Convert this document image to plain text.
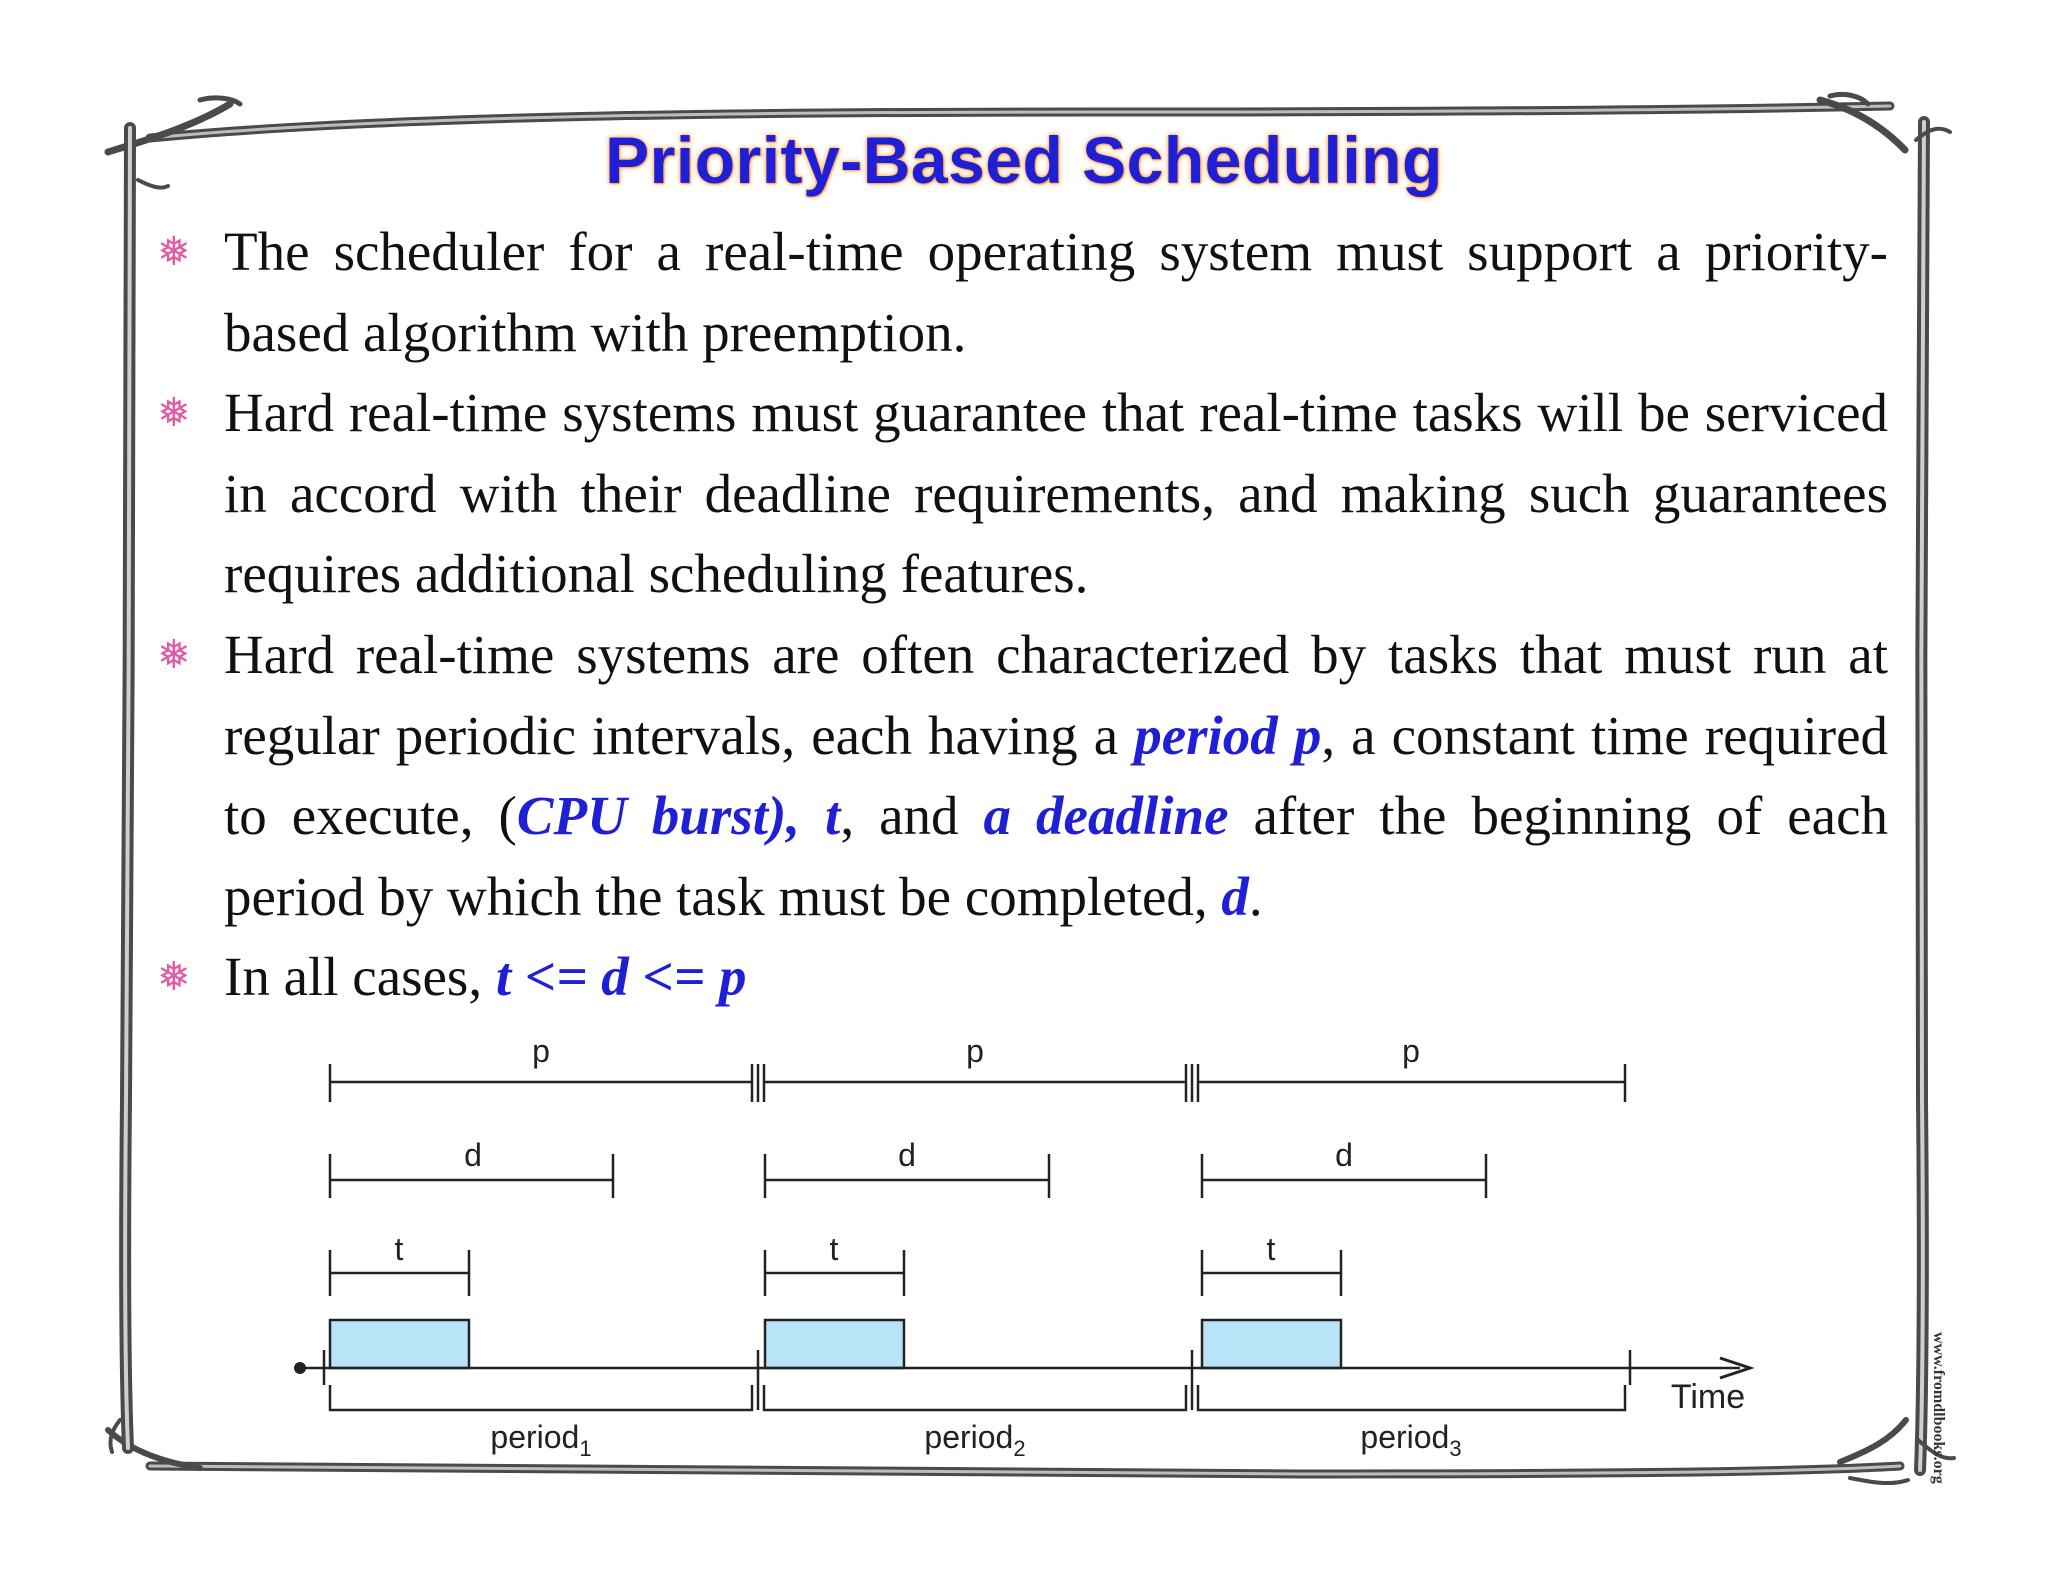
Priority-Based Scheduling

❅ The scheduler for a real-time operating system must support a priority-based algorithm with preemption.

❅ Hard real-time systems must guarantee that real-time tasks will be serviced in accord with their deadline requirements, and making such guarantees requires additional scheduling features.

❅ Hard real-time systems are often characterized by tasks that must run at regular periodic intervals, each having a period p, a constant time required to execute, (CPU burst), t, and a deadline after the beginning of each period by which the task must be completed, d.

❅ In all cases, t <= d <= p

p	p	p
d	d	d
t	t	t
Time
period$_1$	period$_2$	period$_3$	www.fromdlbooks.org
